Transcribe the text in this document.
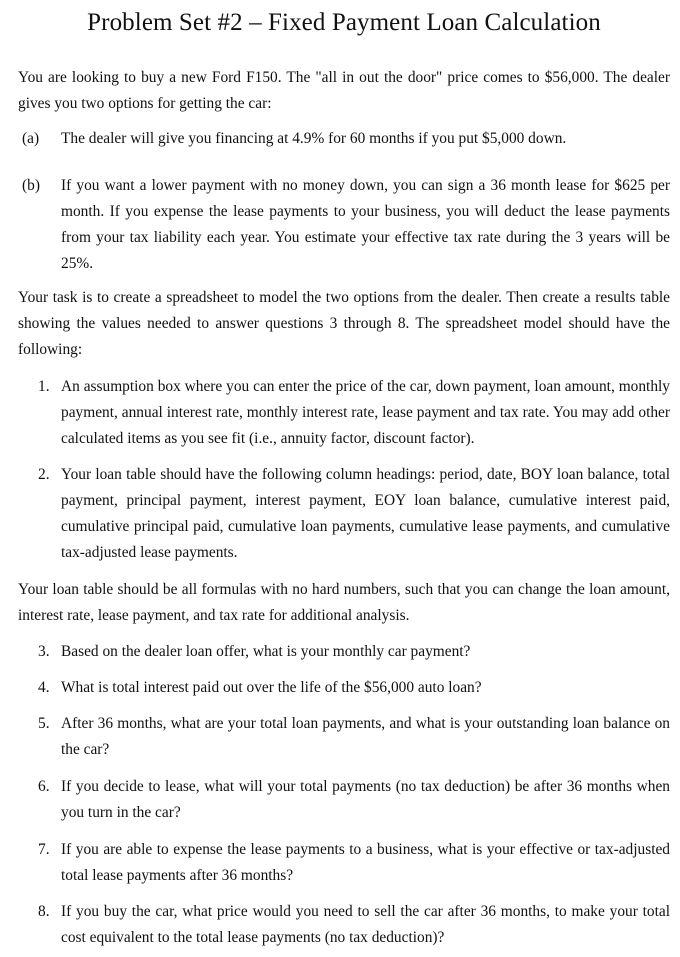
Problem Set #2 – Fixed Payment Loan Calculation

You are looking to buy a new Ford F150. The "all in out the door" price comes to $56,000. The dealer gives you two options for getting the car:

(a)	The dealer will give you financing at 4.9% for 60 months if you put $5,000 down.
(b)	If you want a lower payment with no money down, you can sign a 36 month lease for $625 per month. If you expense the lease payments to your business, you will deduct the lease payments from your tax liability each year. You estimate your effective tax rate during the 3 years will be 25%.

Your task is to create a spreadsheet to model the two options from the dealer. Then create a results table showing the values needed to answer questions 3 through 8. The spreadsheet model should have the following:

1. An assumption box where you can enter the price of the car, down payment, loan amount, monthly payment, annual interest rate, monthly interest rate, lease payment and tax rate. You may add other calculated items as you see fit (i.e., annuity factor, discount factor).
2. Your loan table should have the following column headings: period, date, BOY loan balance, total payment, principal payment, interest payment, EOY loan balance, cumulative interest paid, cumulative principal paid, cumulative loan payments, cumulative lease payments, and cumulative tax-adjusted lease payments.

Your loan table should be all formulas with no hard numbers, such that you can change the loan amount, interest rate, lease payment, and tax rate for additional analysis.

3. Based on the dealer loan offer, what is your monthly car payment?
4. What is total interest paid out over the life of the $56,000 auto loan?
5. After 36 months, what are your total loan payments, and what is your outstanding loan balance on the car?
6. If you decide to lease, what will your total payments (no tax deduction) be after 36 months when you turn in the car?
7. If you are able to expense the lease payments to a business, what is your effective or tax-adjusted total lease payments after 36 months?
8. If you buy the car, what price would you need to sell the car after 36 months, to make your total cost equivalent to the total lease payments (no tax deduction)?
